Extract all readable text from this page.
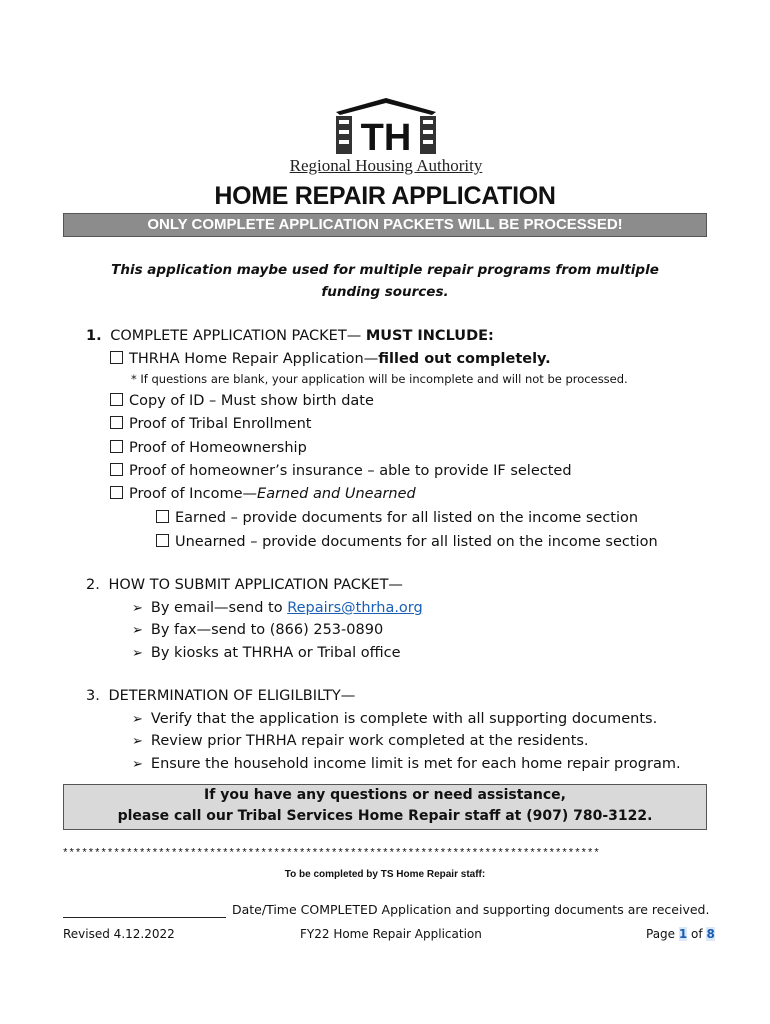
TH
Regional Housing Authority
HOME REPAIR APPLICATION
ONLY COMPLETE APPLICATION PACKETS WILL BE PROCESSED!
This application maybe used for multiple repair programs from multiple funding sources.
1. COMPLETE APPLICATION PACKET— MUST INCLUDE:
THRHA Home Repair Application—filled out completely.
* If questions are blank, your application will be incomplete and will not be processed.
Copy of ID – Must show birth date
Proof of Tribal Enrollment
Proof of Homeownership
Proof of homeowner’s insurance – able to provide IF selected
Proof of Income—Earned and Unearned
Earned – provide documents for all listed on the income section
Unearned – provide documents for all listed on the income section
2. HOW TO SUBMIT APPLICATION PACKET—
➢ By email—send to Repairs@thrha.org
➢ By fax—send to (866) 253-0890
➢ By kiosks at THRHA or Tribal office
3. DETERMINATION OF ELIGILBILTY—
➢ Verify that the application is complete with all supporting documents.
➢ Review prior THRHA repair work completed at the residents.
➢ Ensure the household income limit is met for each home repair program.
If you have any questions or need assistance,
please call our Tribal Services Home Repair staff at (907) 780-3122.
************************************************************************************
To be completed by TS Home Repair staff:
Date/Time COMPLETED Application and supporting documents are received.
Revised 4.12.2022	FY22 Home Repair Application	Page 1 of 8
